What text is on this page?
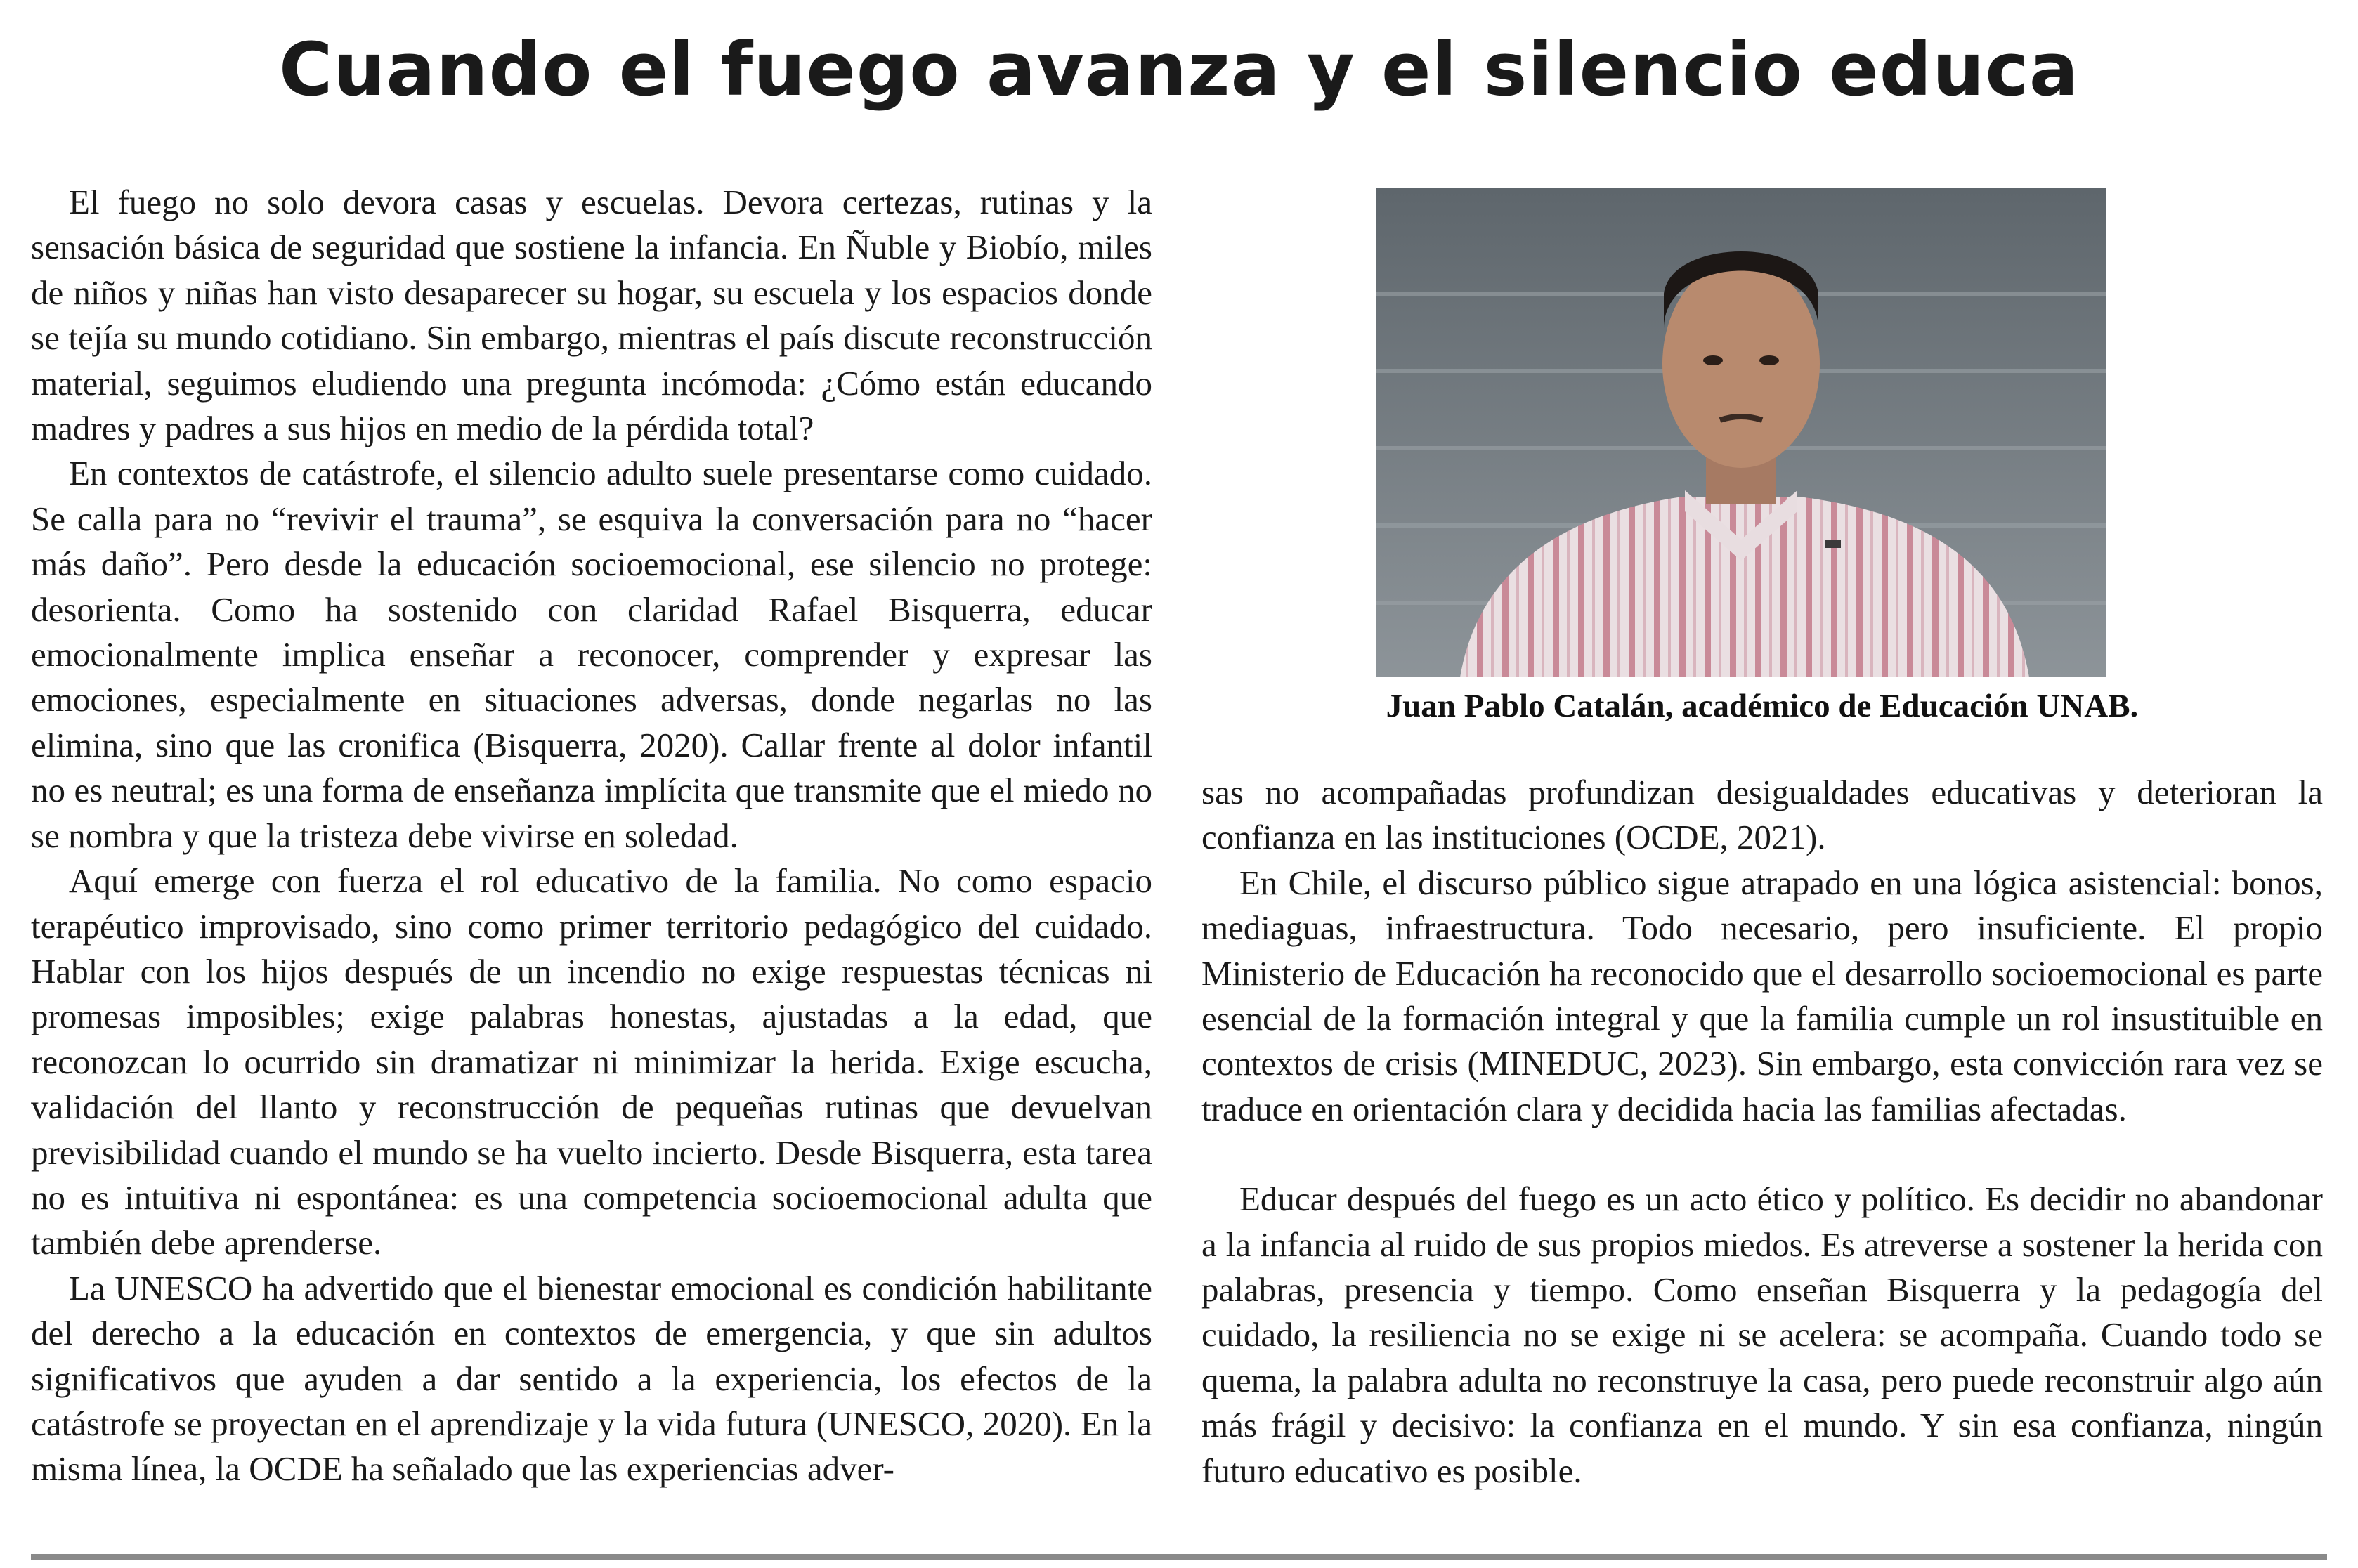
Cuando el fuego avanza y el silencio educa

El fuego no solo devora casas y escuelas. Devora certezas, rutinas y la sensación básica de seguridad que sostiene la infancia. En Ñuble y Biobío, miles de niños y niñas han visto desaparecer su hogar, su escuela y los espacios donde se tejía su mundo cotidiano. Sin embargo, mientras el país discute reconstrucción material, seguimos eludiendo una pregunta incómoda: ¿Cómo están educando madres y padres a sus hijos en medio de la pérdida total?

En contextos de catástrofe, el silencio adulto suele presentarse como cuidado. Se calla para no “revivir el trauma”, se esquiva la conversación para no “hacer más daño”. Pero desde la educación socioemocional, ese silencio no protege: desorienta. Como ha sostenido con claridad Rafael Bisquerra, educar emocionalmente implica enseñar a reconocer, comprender y expresar las emociones, especialmente en situaciones adversas, donde negarlas no las elimina, sino que las cronifica (Bisquerra, 2020). Callar frente al dolor infantil no es neutral; es una forma de enseñanza implícita que transmite que el miedo no se nombra y que la tristeza debe vivirse en soledad.

Aquí emerge con fuerza el rol educativo de la familia. No como espacio terapéutico improvisado, sino como primer territorio pedagógico del cuidado. Hablar con los hijos después de un incendio no exige respuestas técnicas ni promesas imposibles; exige palabras honestas, ajustadas a la edad, que reconozcan lo ocurrido sin dramatizar ni minimizar la herida. Exige escucha, validación del llanto y reconstrucción de pequeñas rutinas que devuelvan previsibilidad cuando el mundo se ha vuelto incierto. Desde Bisquerra, esta tarea no es intuitiva ni espontánea: es una competencia socioemocional adulta que también debe aprenderse.

La UNESCO ha advertido que el bienestar emocional es condición habilitante del derecho a la educación en contextos de emergencia, y que sin adultos significativos que ayuden a dar sentido a la experiencia, los efectos de la catástrofe se proyectan en el aprendizaje y la vida futura (UNESCO, 2020). En la misma línea, la OCDE ha señalado que las experiencias adver-

Juan Pablo Catalán, académico de Educación UNAB.

sas no acompañadas profundizan desigualdades educativas y deterioran la confianza en las instituciones (OCDE, 2021).

En Chile, el discurso público sigue atrapado en una lógica asistencial: bonos, mediaguas, infraestructura. Todo necesario, pero insuficiente. El propio Ministerio de Educación ha reconocido que el desarrollo socioemocional es parte esencial de la formación integral y que la familia cumple un rol insustituible en contextos de crisis (MINEDUC, 2023). Sin embargo, esta convicción rara vez se traduce en orientación clara y decidida hacia las familias afectadas.

Educar después del fuego es un acto ético y político. Es decidir no abandonar a la infancia al ruido de sus propios miedos. Es atreverse a sostener la herida con palabras, presencia y tiempo. Como enseñan Bisquerra y la pedagogía del cuidado, la resiliencia no se exige ni se acelera: se acompaña. Cuando todo se quema, la palabra adulta no reconstruye la casa, pero puede reconstruir algo aún más frágil y decisivo: la confianza en el mundo. Y sin esa confianza, ningún futuro educativo es posible.
